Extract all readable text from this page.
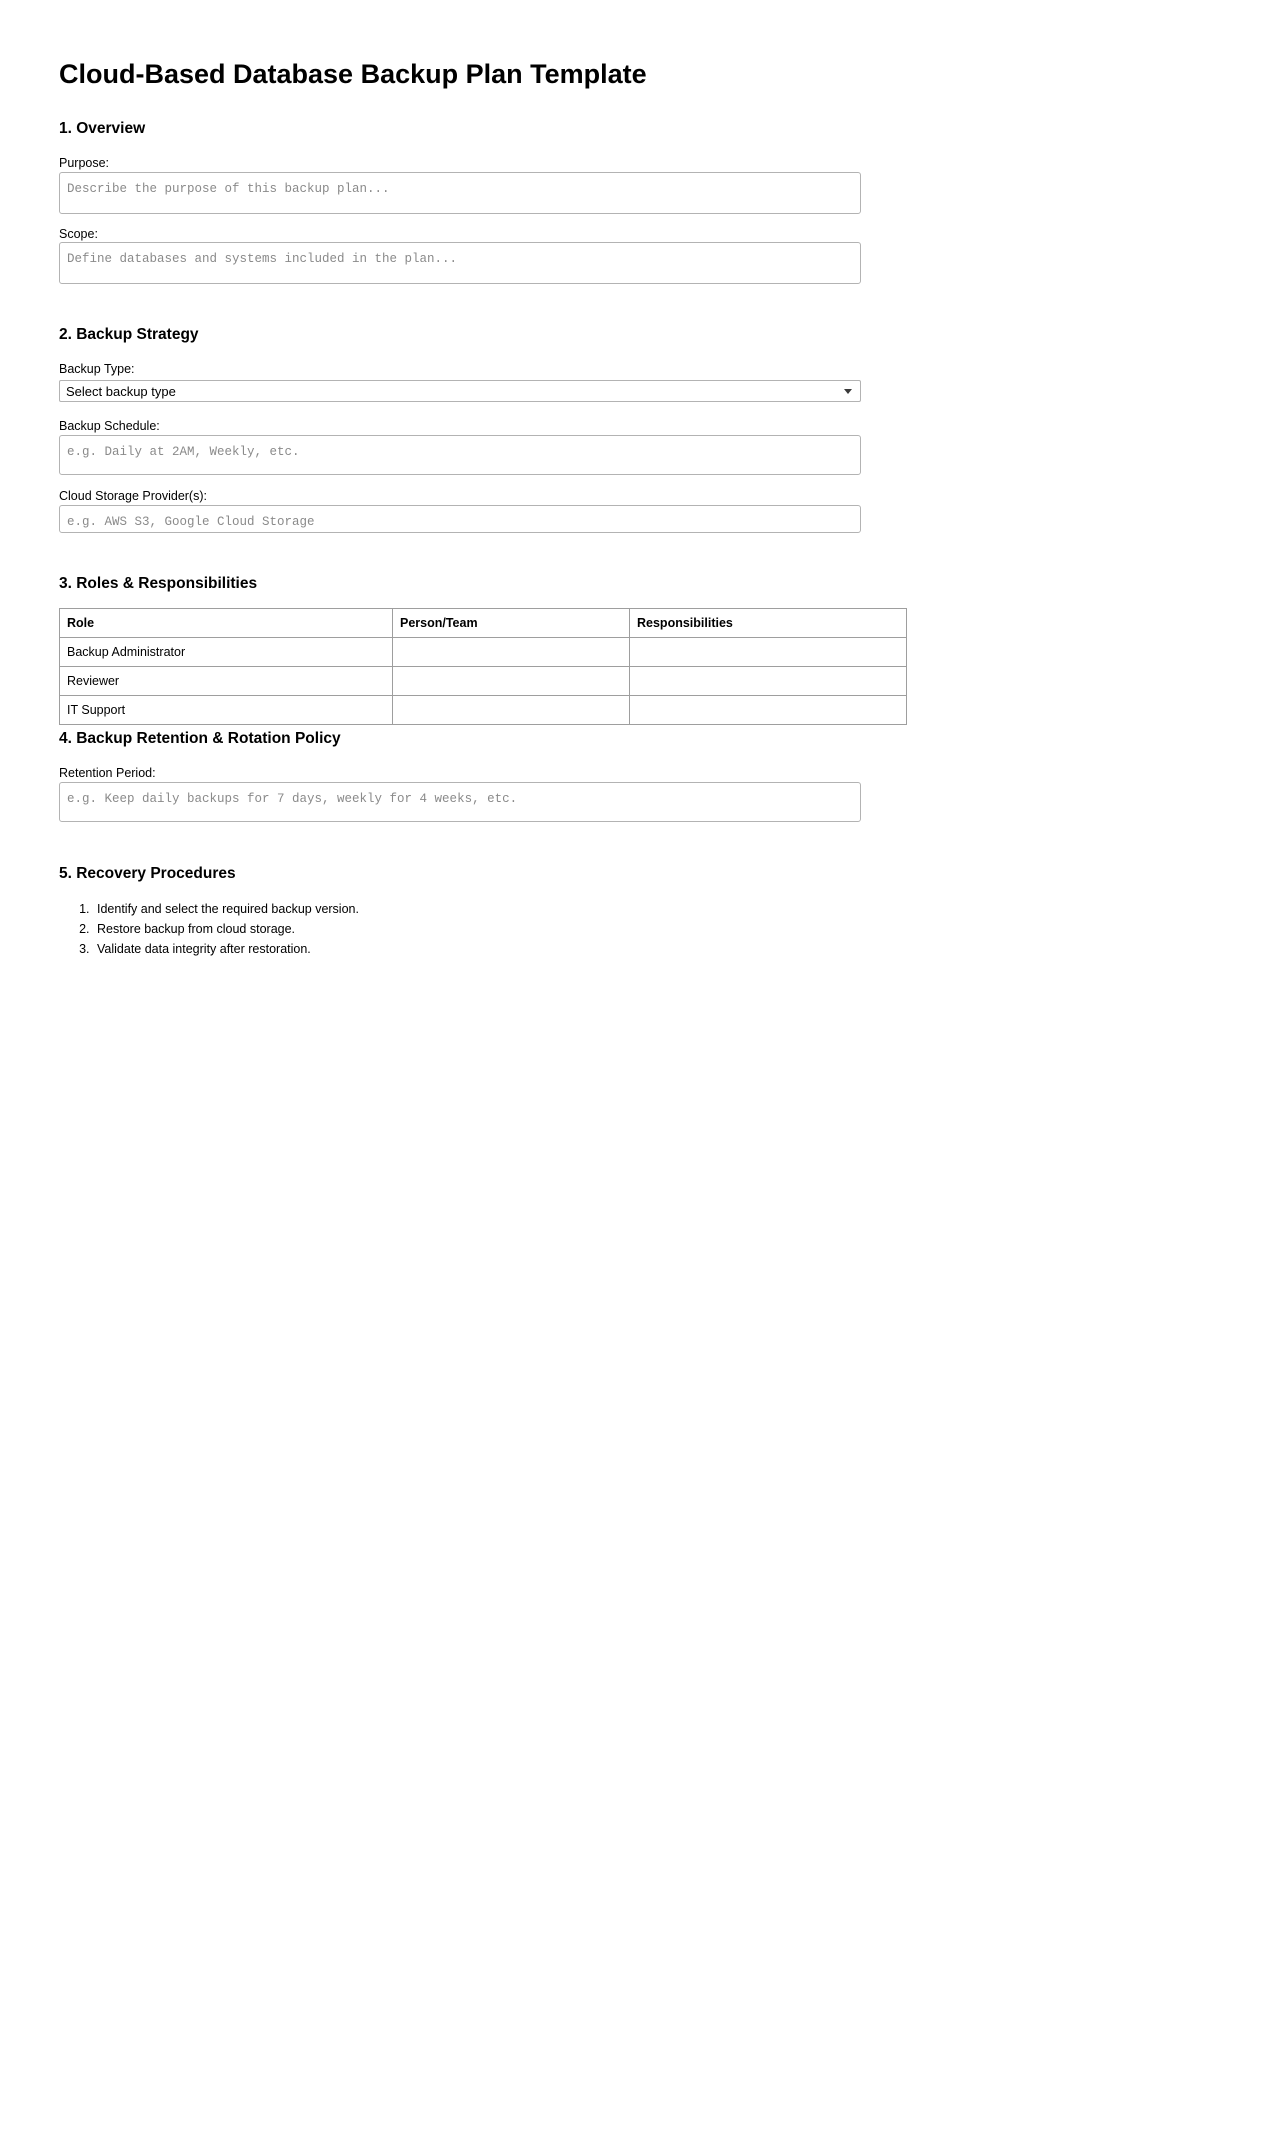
Cloud-Based Database Backup Plan Template
1. Overview
Purpose:
Describe the purpose of this backup plan...
Scope:
Define databases and systems included in the plan...
2. Backup Strategy
Backup Type:
Select backup type
Backup Schedule:
e.g. Daily at 2AM, Weekly, etc.
Cloud Storage Provider(s):
e.g. AWS S3, Google Cloud Storage
3. Roles & Responsibilities
Role	Person/Team	Responsibilities
Backup Administrator		
Reviewer		
IT Support		
4. Backup Retention & Rotation Policy
Retention Period:
e.g. Keep daily backups for 7 days, weekly for 4 weeks, etc.
5. Recovery Procedures
1. Identify and select the required backup version.
2. Restore backup from cloud storage.
3. Validate data integrity after restoration.
